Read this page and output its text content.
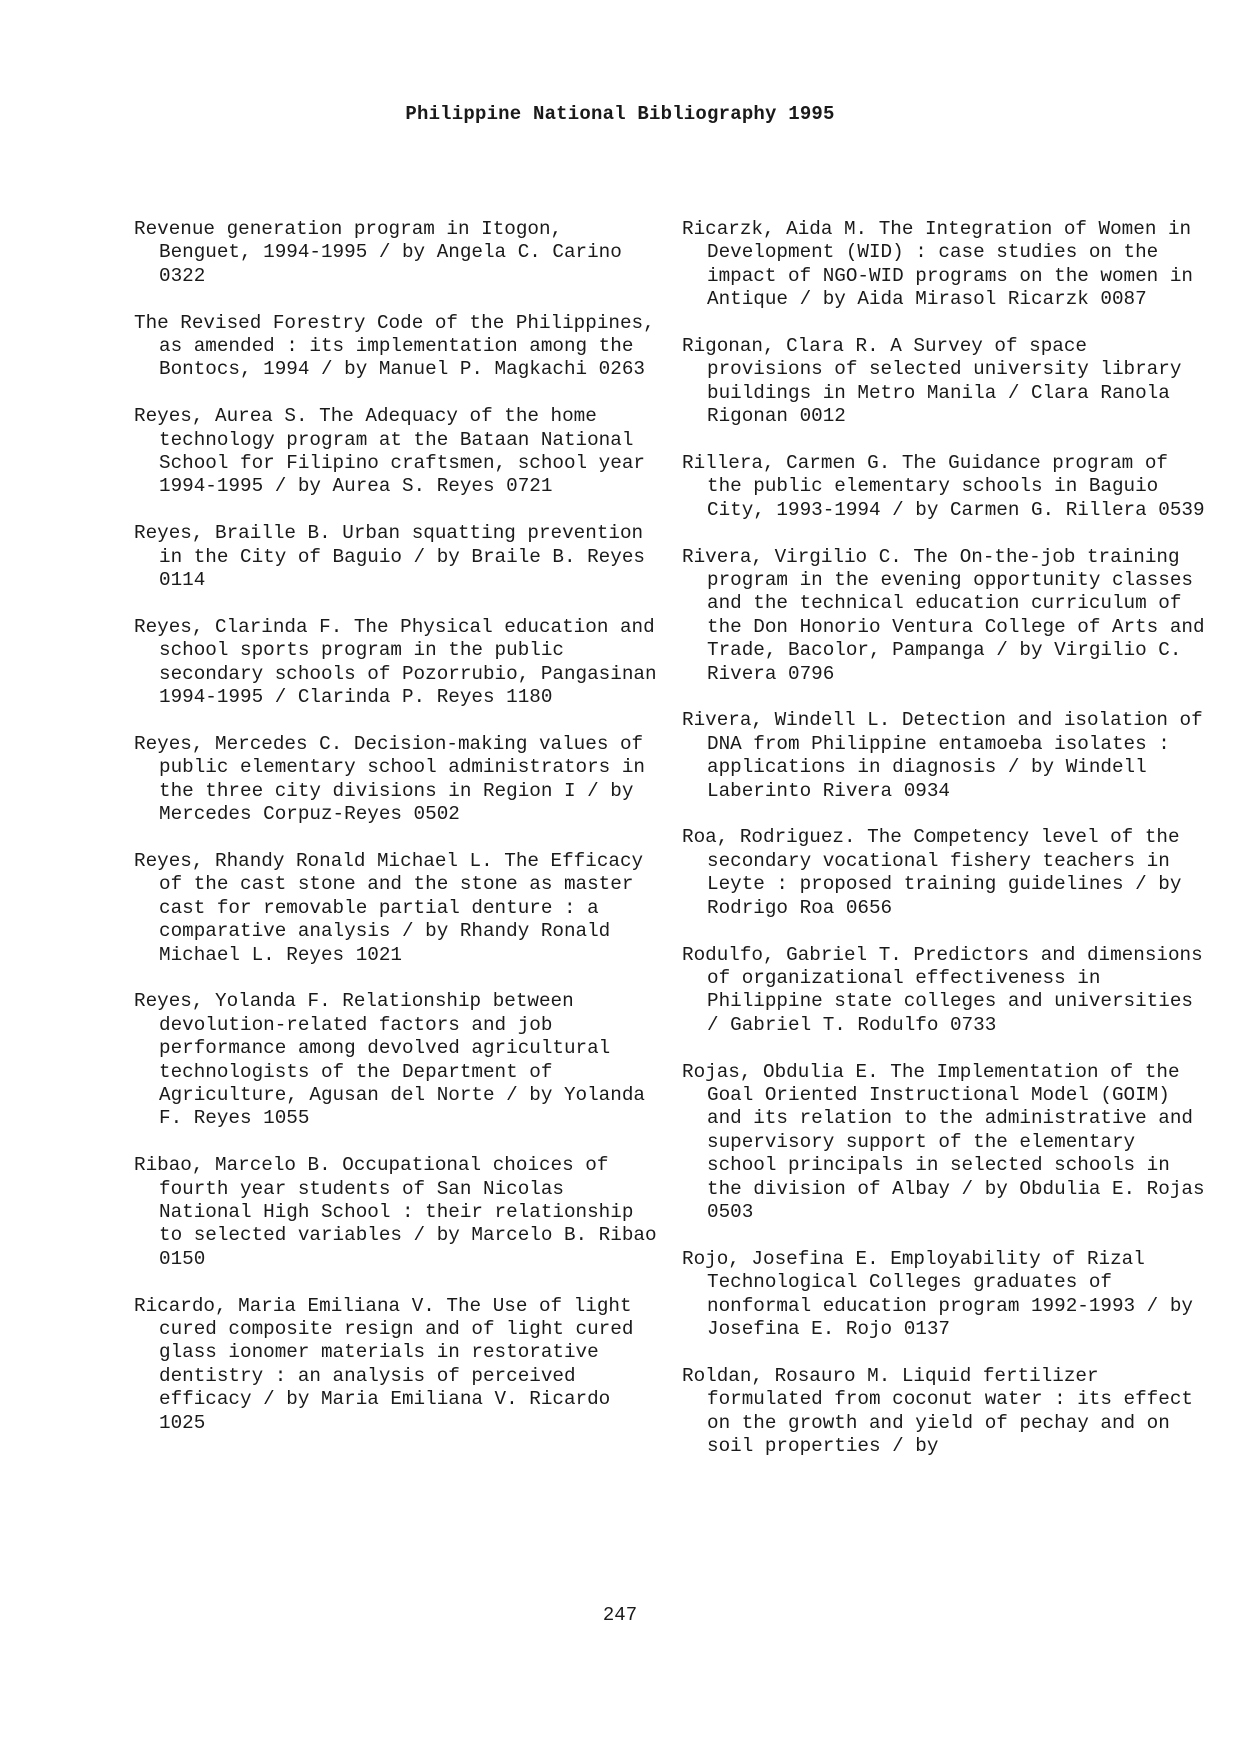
Philippine National Bibliography 1995

Revenue generation program in Itogon, Benguet, 1994-1995 / by Angela C. Carino 0322

The Revised Forestry Code of the Philippines, as amended : its implementation among the Bontocs, 1994 / by Manuel P. Magkachi 0263

Reyes, Aurea S. The Adequacy of the home technology program at the Bataan National School for Filipino craftsmen, school year 1994-1995 / by Aurea S. Reyes 0721

Reyes, Braille B. Urban squatting prevention in the City of Baguio / by Braile B. Reyes 0114

Reyes, Clarinda F. The Physical education and school sports program in the public secondary schools of Pozorrubio, Pangasinan 1994-1995 / Clarinda P. Reyes 1180

Reyes, Mercedes C. Decision-making values of public elementary school administrators in the three city divisions in Region I / by Mercedes Corpuz-Reyes 0502

Reyes, Rhandy Ronald Michael L. The Efficacy of the cast stone and the stone as master cast for removable partial denture : a comparative analysis / by Rhandy Ronald Michael L. Reyes 1021

Reyes, Yolanda F. Relationship between devolution-related factors and job performance among devolved agricultural technologists of the Department of Agriculture, Agusan del Norte / by Yolanda F. Reyes 1055

Ribao, Marcelo B. Occupational choices of fourth year students of San Nicolas National High School : their relationship to selected variables / by Marcelo B. Ribao 0150

Ricardo, Maria Emiliana V. The Use of light cured composite resign and of light cured glass ionomer materials in restorative dentistry : an analysis of perceived efficacy / by Maria Emiliana V. Ricardo 1025

Ricarzk, Aida M. The Integration of Women in Development (WID) : case studies on the impact of NGO-WID programs on the women in Antique / by Aida Mirasol Ricarzk 0087

Rigonan, Clara R. A Survey of space provisions of selected university library buildings in Metro Manila / Clara Ranola Rigonan 0012

Rillera, Carmen G. The Guidance program of the public elementary schools in Baguio City, 1993-1994 / by Carmen G. Rillera 0539

Rivera, Virgilio C. The On-the-job training program in the evening opportunity classes and the technical education curriculum of the Don Honorio Ventura College of Arts and Trade, Bacolor, Pampanga / by Virgilio C. Rivera 0796

Rivera, Windell L. Detection and isolation of DNA from Philippine entamoeba isolates : applications in diagnosis / by Windell Laberinto Rivera 0934

Roa, Rodriguez. The Competency level of the secondary vocational fishery teachers in Leyte : proposed training guidelines / by Rodrigo Roa 0656

Rodulfo, Gabriel T. Predictors and dimensions of organizational effectiveness in Philippine state colleges and universities / Gabriel T. Rodulfo 0733

Rojas, Obdulia E. The Implementation of the Goal Oriented Instructional Model (GOIM) and its relation to the administrative and supervisory support of the elementary school principals in selected schools in the division of Albay / by Obdulia E. Rojas 0503

Rojo, Josefina E. Employability of Rizal Technological Colleges graduates of nonformal education program 1992-1993 / by Josefina E. Rojo 0137

Roldan, Rosauro M. Liquid fertilizer formulated from coconut water : its effect on the growth and yield of pechay and on soil properties / by

247
